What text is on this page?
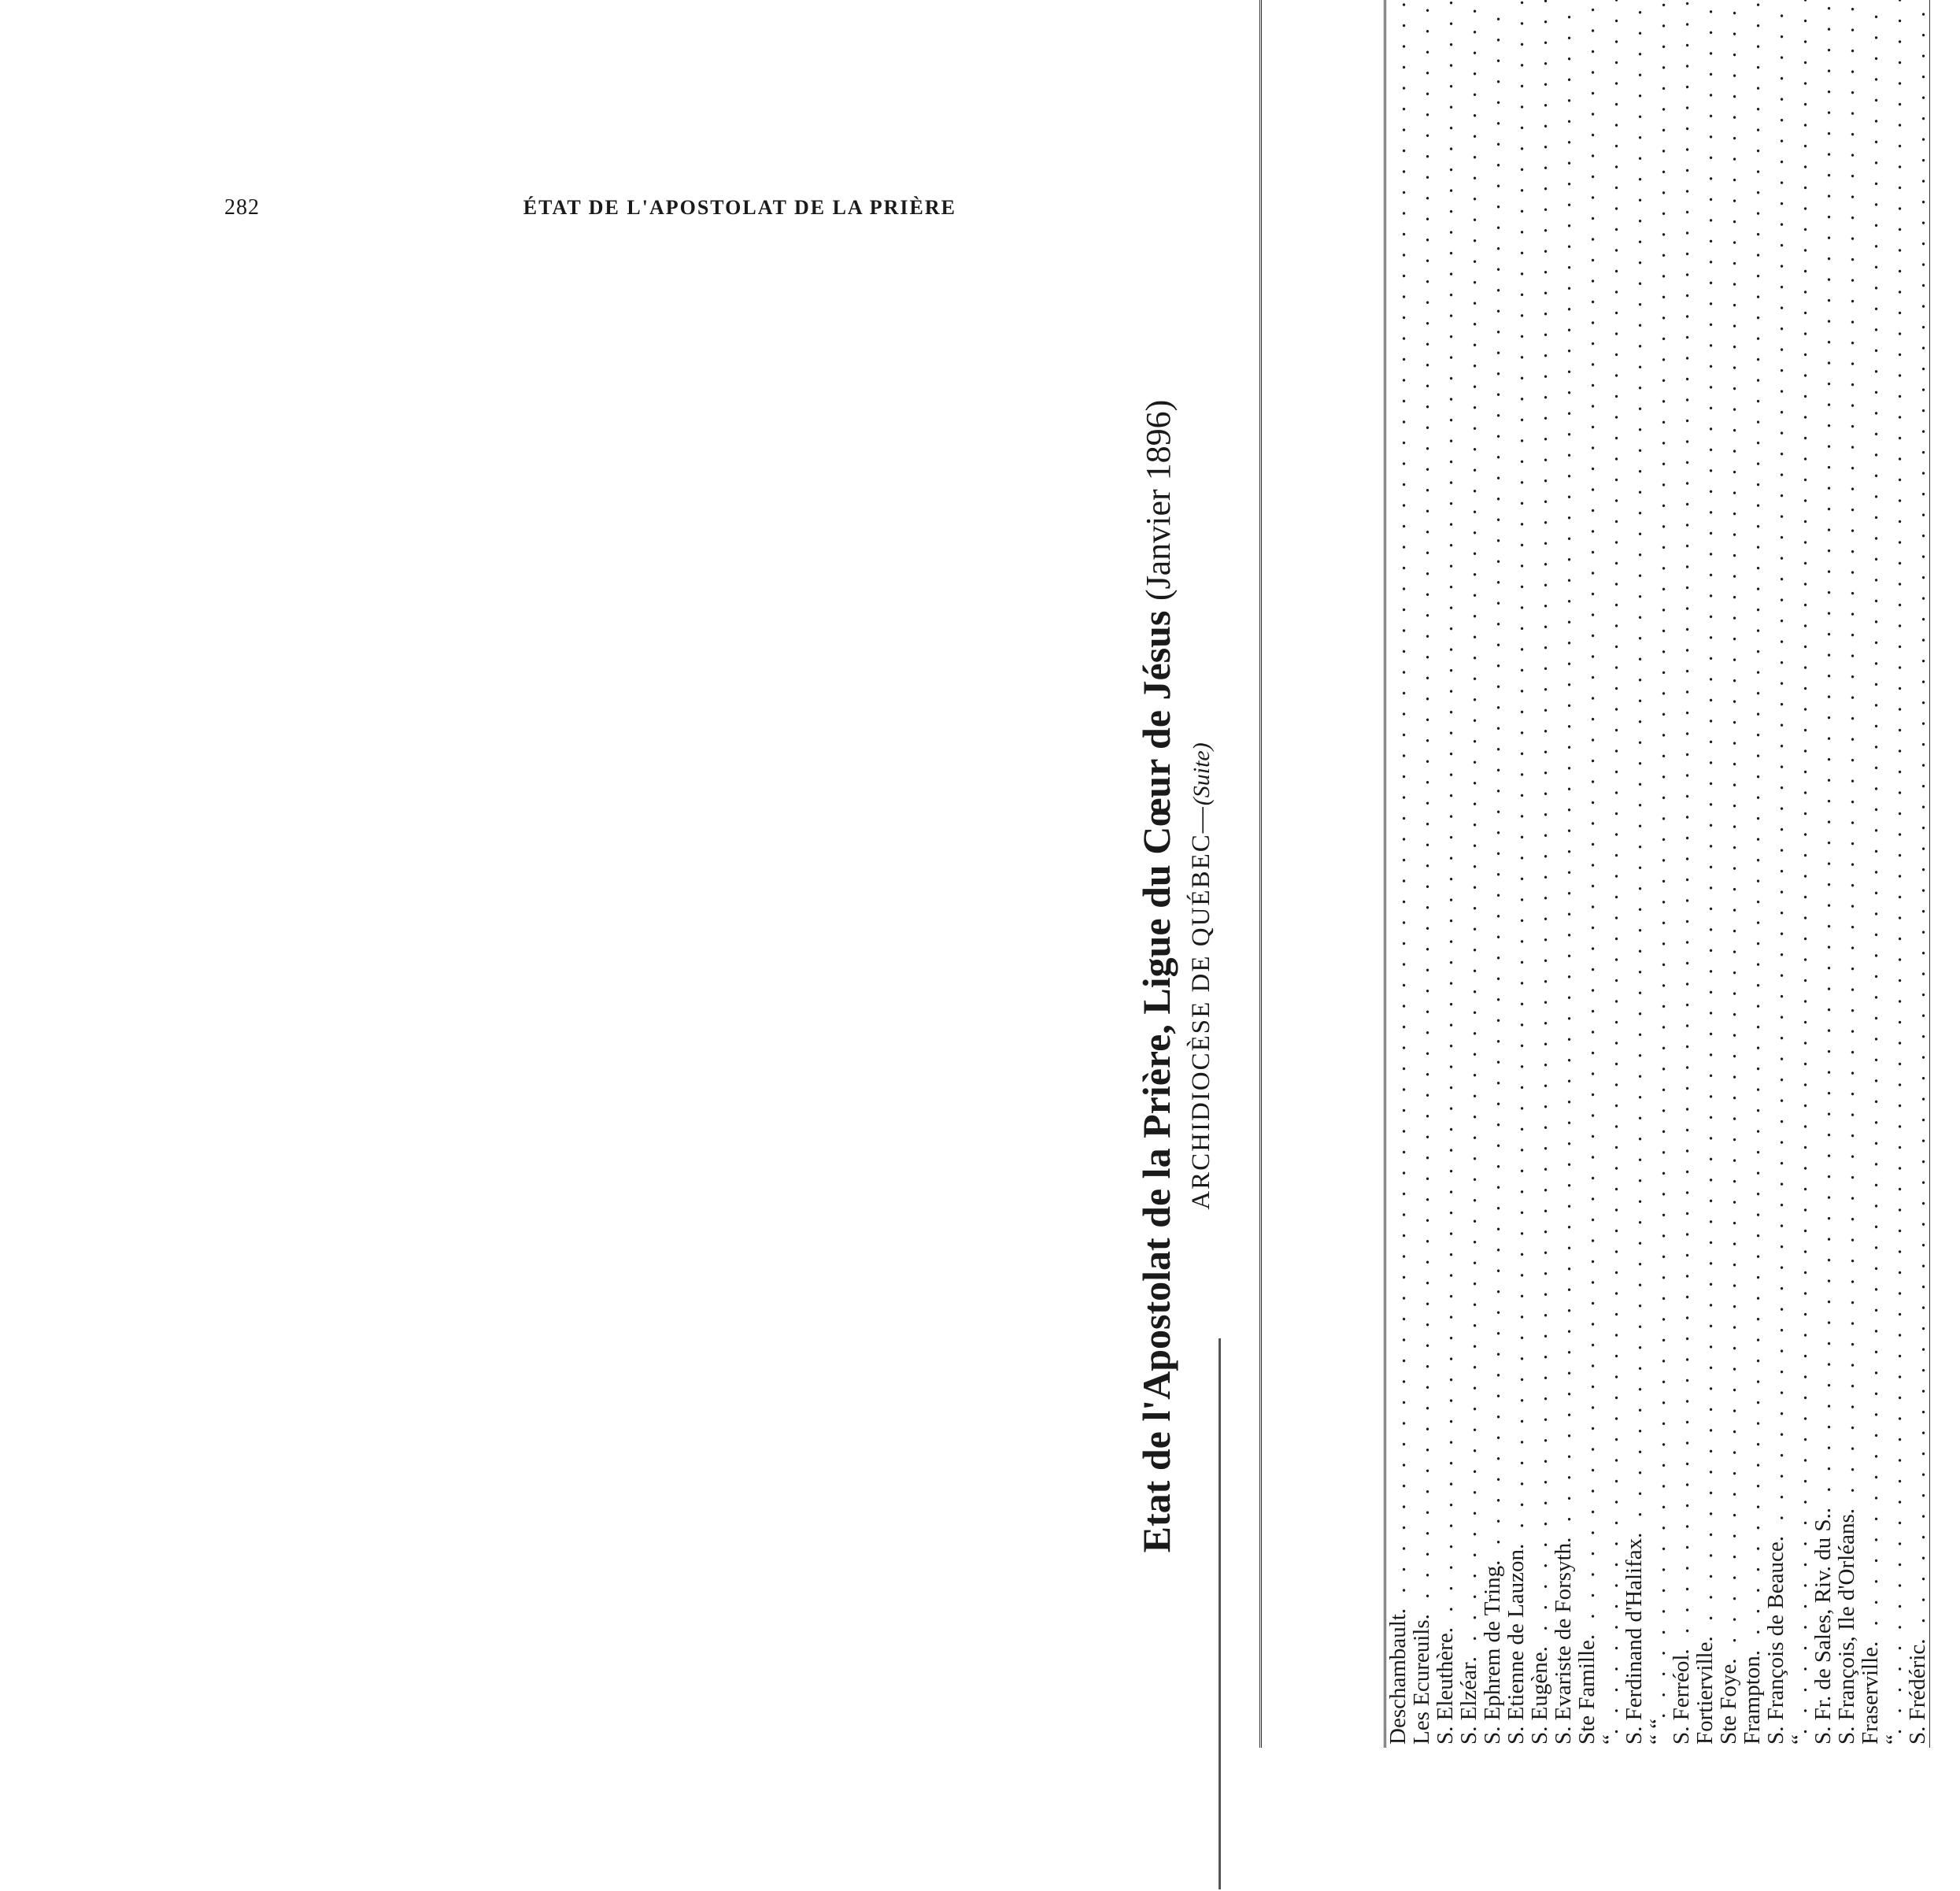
282	ÉTAT DE L'APOSTOLAT DE LA PRIÈRE
Etat de l'Apostolat de la Prière, Ligue du Cœur de Jésus (Janvier 1896)
ARCHIDIOCÈSE DE QUÉBEC—(Suite)

Deschambault
. . .

Les Ecureuils
. . .

S. Eleuthère
. . .

S. Elzéar
. . .

S. Ephrem de Tring
. . .

S. Etienne de Lauzon
. . .

S. Eugène
. . .

S. Evariste de Forsyth
. . .

Ste Famille
. . .

“
. . .

S. Ferdinand d'Halifax
. . .

“ “
. . .

S. Ferréol
. . .

Fortierville
. . .

Ste Foye
. . .

Frampton
. . .

S. François de Beauce
. . .

“
. . .

S. Fr. de Sales, Riv. du S.
. . .

S. François, Ile d'Orléans
. . .

Fraserville
. . .

“
. . .

S. Frédéric
. . .
